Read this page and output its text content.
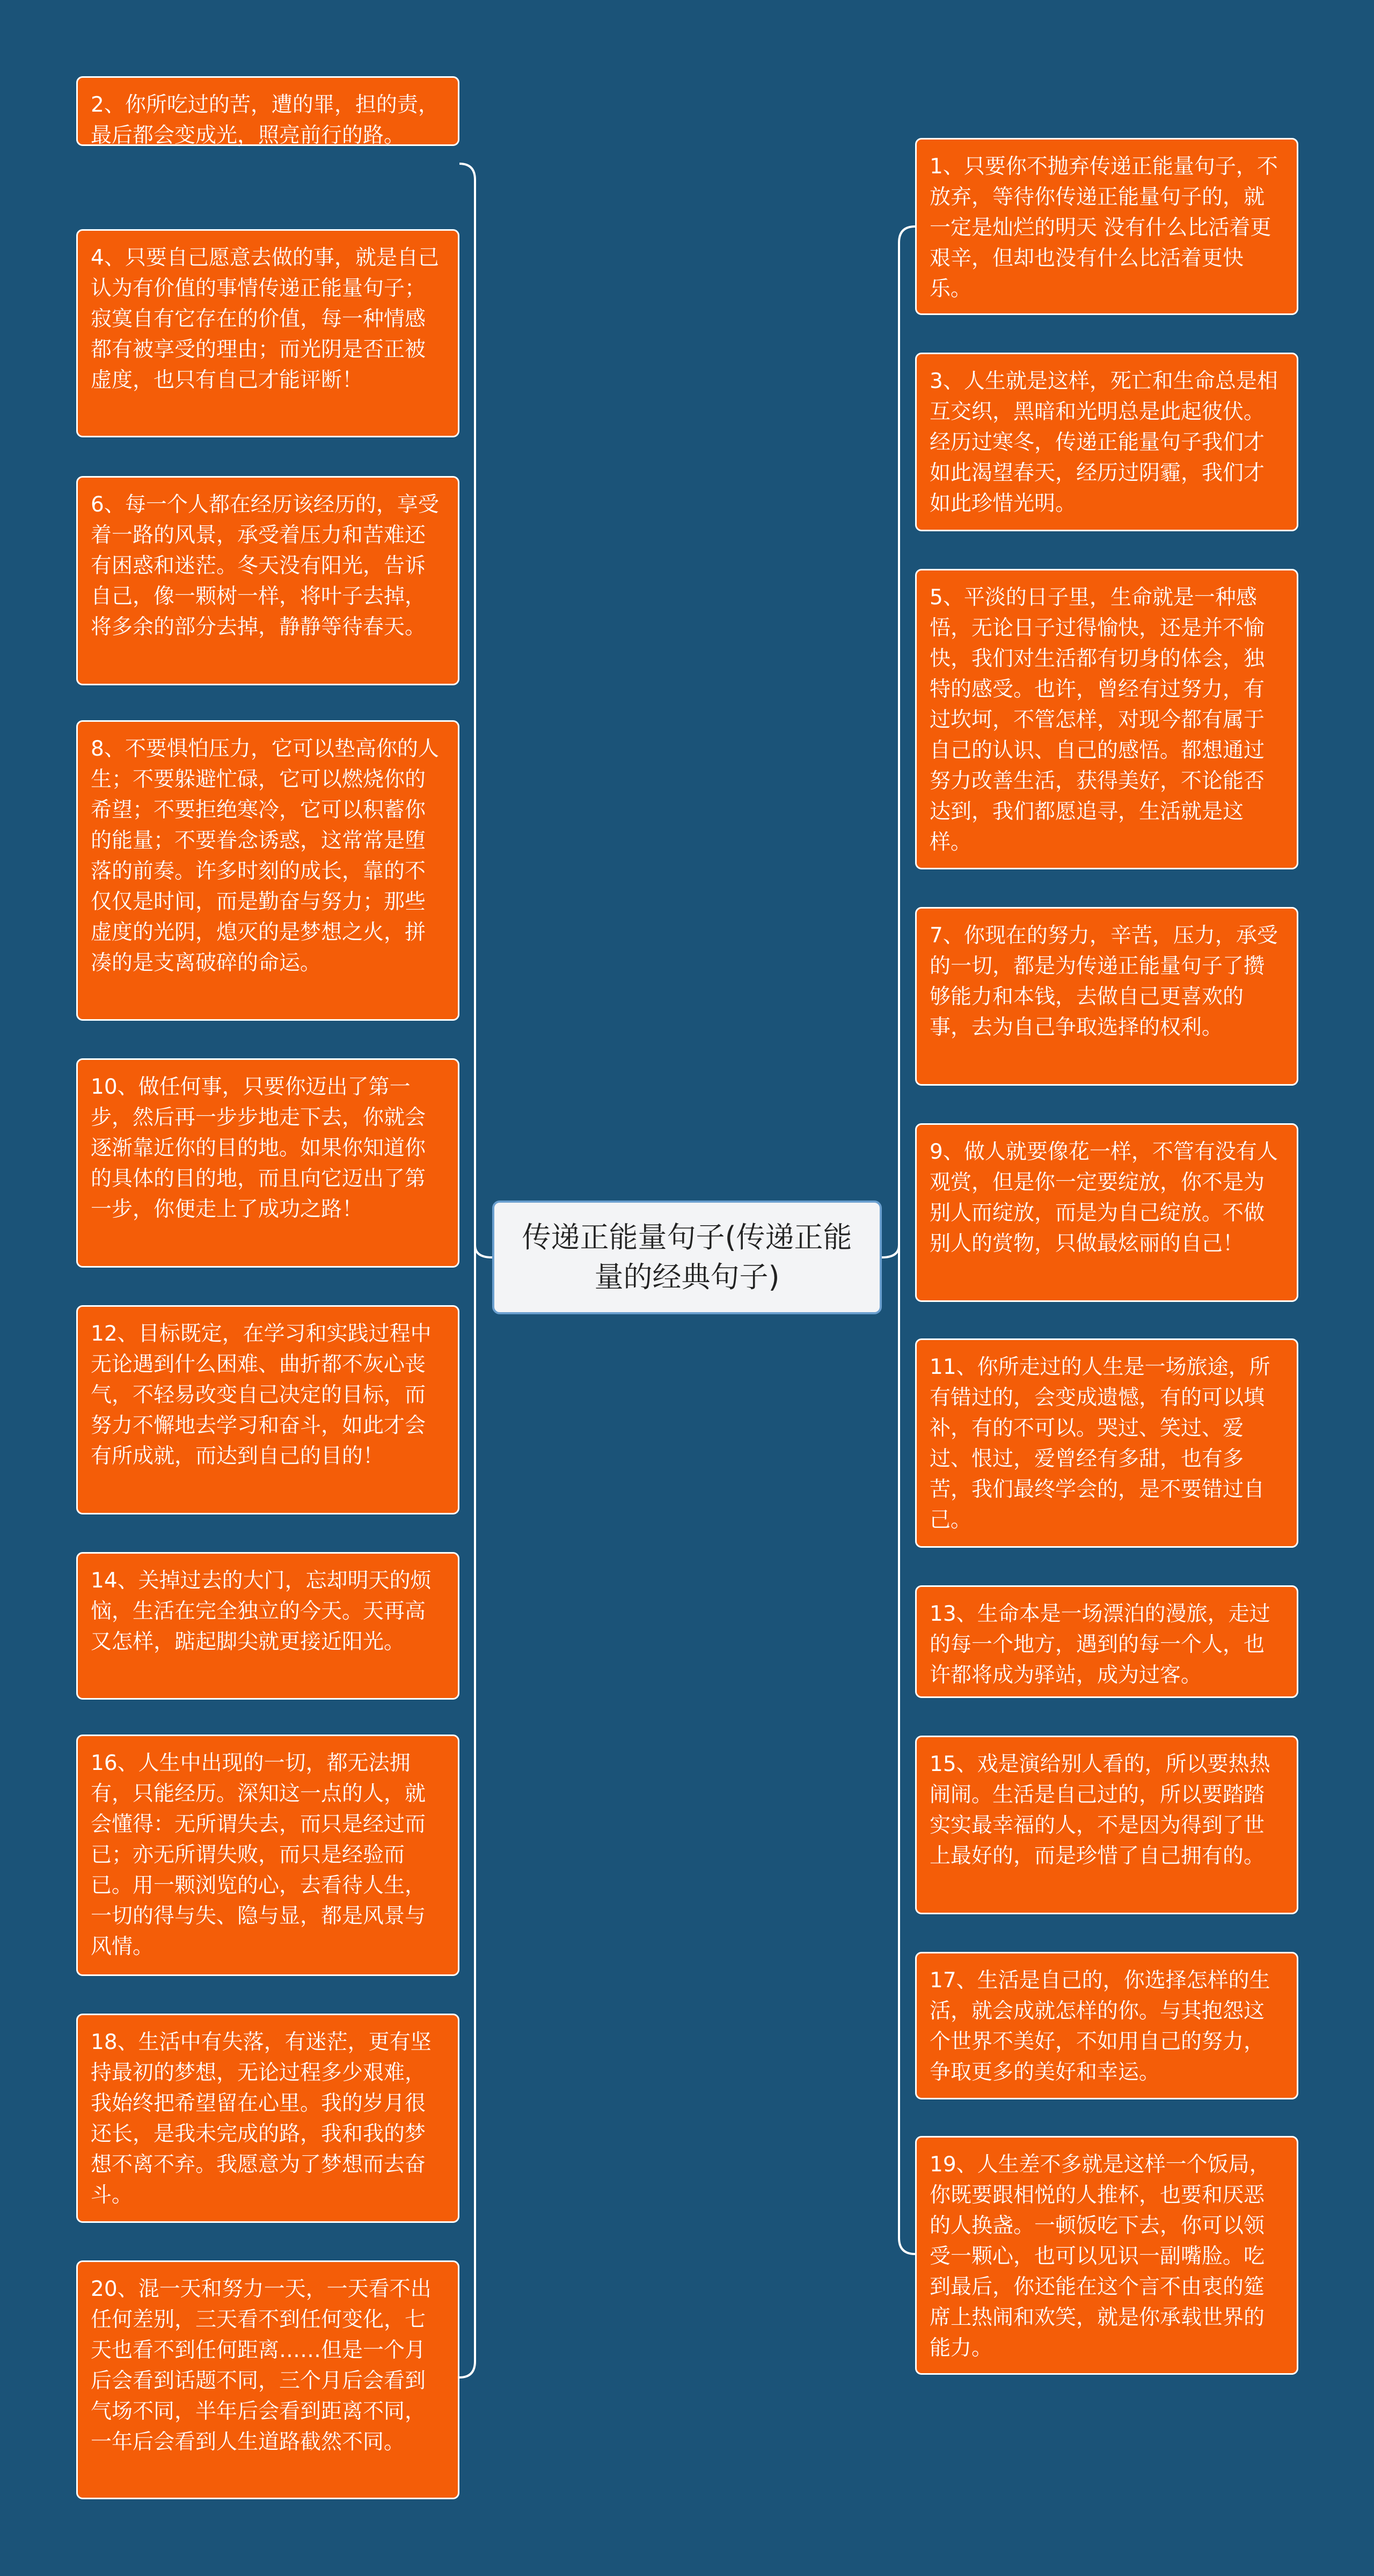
传递正能量句子(传递正能量的经典句子)
2、你所吃过的苦，遭的罪，担的责，最后都会变成光，照亮前行的路。
4、只要自己愿意去做的事，就是自己认为有价值的事情传递正能量句子；寂寞自有它存在的价值，每一种情感都有被享受的理由；而光阴是否正被虚度，也只有自己才能评断！
6、每一个人都在经历该经历的，享受着一路的风景，承受着压力和苦难还有困惑和迷茫。冬天没有阳光，告诉自己，像一颗树一样，将叶子去掉，将多余的部分去掉，静静等待春天。
8、不要惧怕压力，它可以垫高你的人生；不要躲避忙碌，它可以燃烧你的希望；不要拒绝寒冷，它可以积蓄你的能量；不要眷念诱惑，这常常是堕落的前奏。许多时刻的成长，靠的不仅仅是时间，而是勤奋与努力；那些虚度的光阴，熄灭的是梦想之火，拼凑的是支离破碎的命运。
10、做任何事，只要你迈出了第一步，然后再一步步地走下去，你就会逐渐靠近你的目的地。如果你知道你的具体的目的地，而且向它迈出了第一步，你便走上了成功之路！
12、目标既定，在学习和实践过程中无论遇到什么困难、曲折都不灰心丧气，不轻易改变自己决定的目标，而努力不懈地去学习和奋斗，如此才会有所成就，而达到自己的目的！
14、关掉过去的大门，忘却明天的烦恼，生活在完全独立的今天。天再高又怎样，踮起脚尖就更接近阳光。
16、人生中出现的一切，都无法拥有，只能经历。深知这一点的人，就会懂得：无所谓失去，而只是经过而已；亦无所谓失败，而只是经验而已。用一颗浏览的心，去看待人生，一切的得与失、隐与显，都是风景与风情。
18、生活中有失落，有迷茫，更有坚持最初的梦想，无论过程多少艰难，我始终把希望留在心里。我的岁月很还长，是我未完成的路，我和我的梦想不离不弃。我愿意为了梦想而去奋斗。
20、混一天和努力一天，一天看不出任何差别，三天看不到任何变化，七天也看不到任何距离……但是一个月后会看到话题不同，三个月后会看到气场不同，半年后会看到距离不同，一年后会看到人生道路截然不同。
1、只要你不抛弃传递正能量句子，不放弃，等待你传递正能量句子的，就一定是灿烂的明天 没有什么比活着更艰辛，但却也没有什么比活着更快乐。
3、人生就是这样，死亡和生命总是相互交织，黑暗和光明总是此起彼伏。经历过寒冬，传递正能量句子我们才如此渴望春天，经历过阴霾，我们才如此珍惜光明。
5、平淡的日子里，生命就是一种感悟，无论日子过得愉快，还是并不愉快，我们对生活都有切身的体会，独特的感受。也许，曾经有过努力，有过坎坷，不管怎样，对现今都有属于自己的认识、自己的感悟。都想通过努力改善生活，获得美好，不论能否达到，我们都愿追寻，生活就是这样。
7、你现在的努力，辛苦，压力，承受的一切，都是为传递正能量句子了攒够能力和本钱，去做自己更喜欢的事，去为自己争取选择的权利。
9、做人就要像花一样，不管有没有人观赏，但是你一定要绽放，你不是为别人而绽放，而是为自己绽放。不做别人的赏物，只做最炫丽的自己！
11、你所走过的人生是一场旅途，所有错过的，会变成遗憾，有的可以填补，有的不可以。哭过、笑过、爱过、恨过，爱曾经有多甜，也有多苦，我们最终学会的，是不要错过自己。
13、生命本是一场漂泊的漫旅，走过的每一个地方，遇到的每一个人，也许都将成为驿站，成为过客。
15、戏是演给别人看的，所以要热热闹闹。生活是自己过的，所以要踏踏实实最幸福的人，不是因为得到了世上最好的，而是珍惜了自己拥有的。
17、生活是自己的，你选择怎样的生活，就会成就怎样的你。与其抱怨这个世界不美好，不如用自己的努力，争取更多的美好和幸运。
19、人生差不多就是这样一个饭局，你既要跟相悦的人推杯，也要和厌恶的人换盏。一顿饭吃下去，你可以领受一颗心，也可以见识一副嘴脸。吃到最后，你还能在这个言不由衷的筵席上热闹和欢笑，就是你承载世界的能力。
